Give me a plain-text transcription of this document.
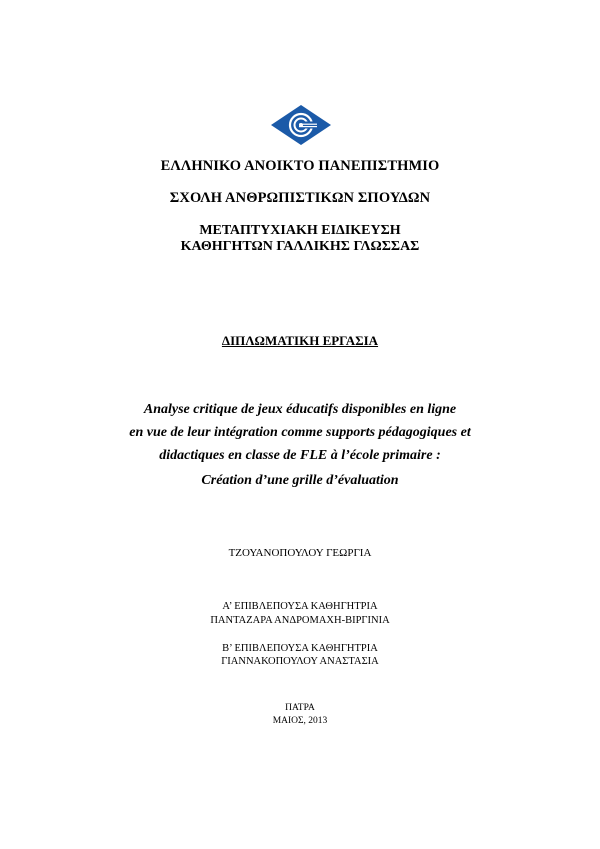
ΕΛΛΗΝΙΚΟ ΑΝΟΙΚΤΟ ΠΑΝΕΠΙΣΤΗΜΙΟ
ΣΧΟΛΗ ΑΝΘΡΩΠΙΣΤΙΚΩΝ ΣΠΟΥΔΩΝ
ΜΕΤΑΠΤΥΧΙΑΚΗ ΕΙΔΙΚΕΥΣΗ
ΚΑΘΗΓΗΤΩΝ ΓΑΛΛΙΚΗΣ ΓΛΩΣΣΑΣ
ΔΙΠΛΩΜΑΤΙΚΗ ΕΡΓΑΣΙΑ
Analyse critique de jeux éducatifs disponibles en ligne
en vue de leur intégration comme supports pédagogiques et
didactiques en classe de FLE à l’école primaire :
Création d’une grille d’évaluation
ΤΖΟΥΑΝΟΠΟΥΛΟΥ ΓΕΩΡΓΙΑ
Α’ ΕΠΙΒΛΕΠΟΥΣΑ ΚΑΘΗΓΗΤΡΙΑ
ΠΑΝΤΑΖΑΡΑ ΑΝΔΡΟΜΑΧΗ-ΒΙΡΓΙΝΙΑ
Β’ ΕΠΙΒΛΕΠΟΥΣΑ ΚΑΘΗΓΗΤΡΙΑ
ΓΙΑΝΝΑΚΟΠΟΥΛΟΥ ΑΝΑΣΤΑΣΙΑ
ΠΑΤΡΑ
ΜΑΙΟΣ, 2013
